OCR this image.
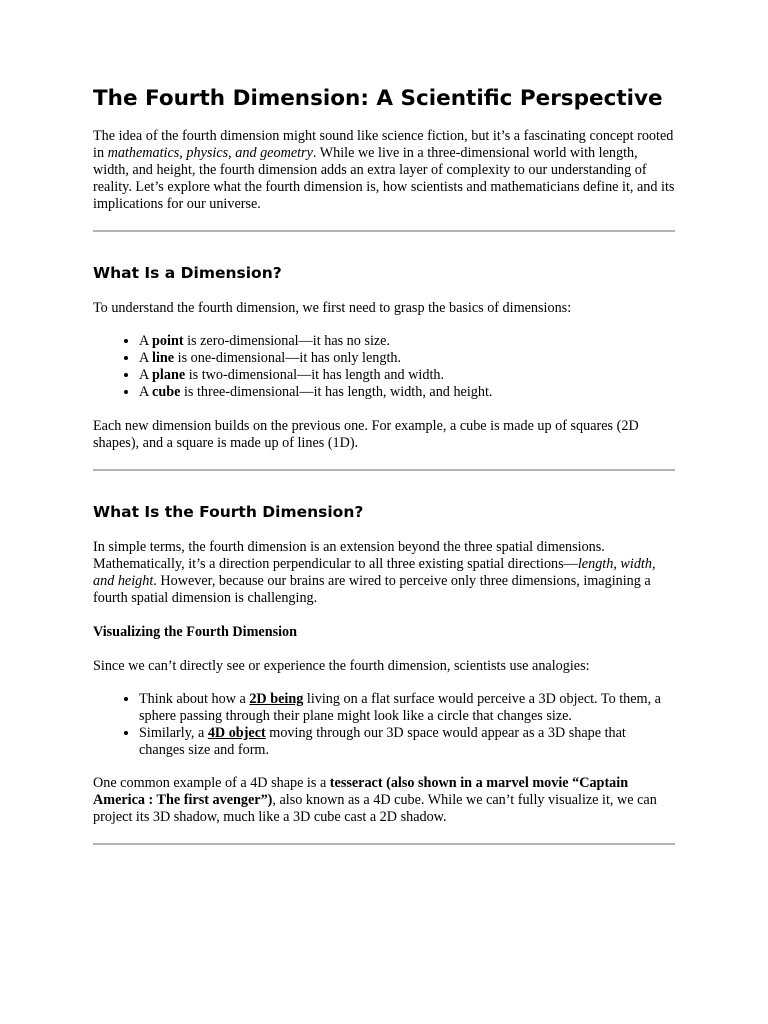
The Fourth Dimension: A Scientific Perspective

The idea of the fourth dimension might sound like science fiction, but it’s a fascinating concept rooted in mathematics, physics, and geometry. While we live in a three-dimensional world with length, width, and height, the fourth dimension adds an extra layer of complexity to our understanding of reality. Let’s explore what the fourth dimension is, how scientists and mathematicians define it, and its implications for our universe.

What Is a Dimension?

To understand the fourth dimension, we first need to grasp the basics of dimensions:

• A point is zero-dimensional—it has no size.
• A line is one-dimensional—it has only length.
• A plane is two-dimensional—it has length and width.
• A cube is three-dimensional—it has length, width, and height.

Each new dimension builds on the previous one. For example, a cube is made up of squares (2D shapes), and a square is made up of lines (1D).

What Is the Fourth Dimension?

In simple terms, the fourth dimension is an extension beyond the three spatial dimensions. Mathematically, it’s a direction perpendicular to all three existing spatial directions—length, width, and height. However, because our brains are wired to perceive only three dimensions, imagining a fourth spatial dimension is challenging.

Visualizing the Fourth Dimension

Since we can’t directly see or experience the fourth dimension, scientists use analogies:

• Think about how a 2D being living on a flat surface would perceive a 3D object. To them, a sphere passing through their plane might look like a circle that changes size.
• Similarly, a 4D object moving through our 3D space would appear as a 3D shape that changes size and form.

One common example of a 4D shape is a tesseract (also shown in a marvel movie “Captain America : The first avenger”), also known as a 4D cube. While we can’t fully visualize it, we can project its 3D shadow, much like a 3D cube cast a 2D shadow.
